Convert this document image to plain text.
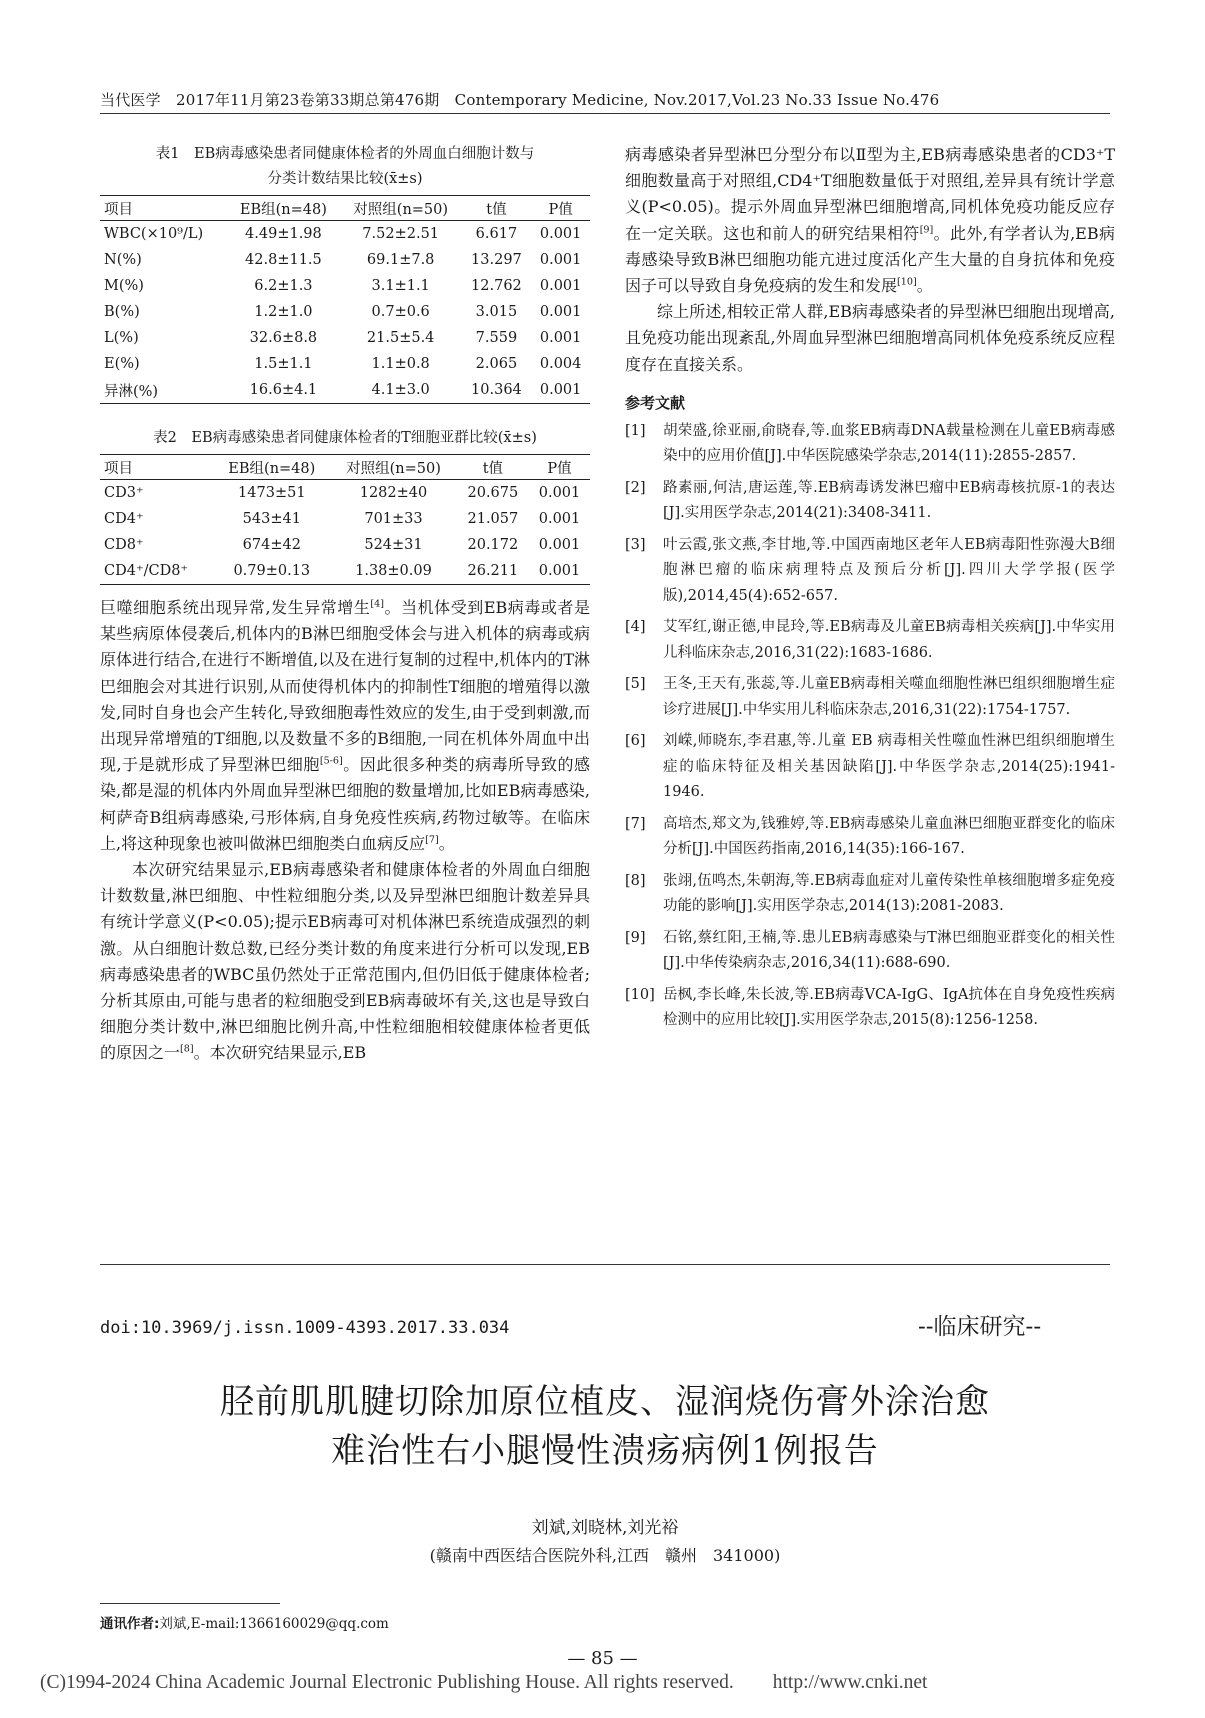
当代医学　2017年11月第23卷第33期总第476期　Contemporary Medicine, Nov.2017,Vol.23 No.33 Issue No.476
表1　EB病毒感染患者同健康体检者的外周血白细胞计数与
分类计数结果比较(x̄±s)
项目	EB组(n=48)	对照组(n=50)	t值	P值
WBC(×10⁹/L)	4.49±1.98	7.52±2.51	6.617	0.001
N(%)	42.8±11.5	69.1±7.8	13.297	0.001
M(%)	6.2±1.3	3.1±1.1	12.762	0.001
B(%)	1.2±1.0	0.7±0.6	3.015	0.001
L(%)	32.6±8.8	21.5±5.4	7.559	0.001
E(%)	1.5±1.1	1.1±0.8	2.065	0.004
异淋(%)	16.6±4.1	4.1±3.0	10.364	0.001
表2　EB病毒感染患者同健康体检者的T细胞亚群比较(x̄±s)
项目	EB组(n=48)	对照组(n=50)	t值	P值
CD3⁺	1473±51	1282±40	20.675	0.001
CD4⁺	543±41	701±33	21.057	0.001
CD8⁺	674±42	524±31	20.172	0.001
CD4⁺/CD8⁺	0.79±0.13	1.38±0.09	26.211	0.001

巨噬细胞系统出现异常,发生异常增生[4]。当机体受到EB病毒或者是某些病原体侵袭后,机体内的B淋巴细胞受体会与进入机体的病毒或病原体进行结合,在进行不断增值,以及在进行复制的过程中,机体内的T淋巴细胞会对其进行识别,从而使得机体内的抑制性T细胞的增殖得以激发,同时自身也会产生转化,导致细胞毒性效应的发生,由于受到刺激,而出现异常增殖的T细胞,以及数量不多的B细胞,一同在机体外周血中出现,于是就形成了异型淋巴细胞[5-6]。因此很多种类的病毒所导致的感染,都是湿的机体内外周血异型淋巴细胞的数量增加,比如EB病毒感染,柯萨奇B组病毒感染,弓形体病,自身免疫性疾病,药物过敏等。在临床上,将这种现象也被叫做淋巴细胞类白血病反应[7]。

本次研究结果显示,EB病毒感染者和健康体检者的外周血白细胞计数数量,淋巴细胞、中性粒细胞分类,以及异型淋巴细胞计数差异具有统计学意义(P<0.05);提示EB病毒可对机体淋巴系统造成强烈的刺激。从白细胞计数总数,已经分类计数的角度来进行分析可以发现,EB病毒感染患者的WBC虽仍然处于正常范围内,但仍旧低于健康体检者;分析其原由,可能与患者的粒细胞受到EB病毒破坏有关,这也是导致白细胞分类计数中,淋巴细胞比例升高,中性粒细胞相较健康体检者更低的原因之一[8]。本次研究结果显示,EB

病毒感染者异型淋巴分型分布以Ⅱ型为主,EB病毒感染患者的CD3⁺T细胞数量高于对照组,CD4⁺T细胞数量低于对照组,差异具有统计学意义(P<0.05)。提示外周血异型淋巴细胞增高,同机体免疫功能反应存在一定关联。这也和前人的研究结果相符[9]。此外,有学者认为,EB病毒感染导致B淋巴细胞功能亢进过度活化产生大量的自身抗体和免疫因子可以导致自身免疫病的发生和发展[10]。

综上所述,相较正常人群,EB病毒感染者的异型淋巴细胞出现增高,且免疫功能出现紊乱,外周血异型淋巴细胞增高同机体免疫系统反应程度存在直接关系。

参考文献
[1]	胡荣盛,徐亚丽,俞晓春,等.血浆EB病毒DNA载量检测在儿童EB病毒感染中的应用价值[J].中华医院感染学杂志,2014(11):2855-2857.
[2]	路素丽,何洁,唐运莲,等.EB病毒诱发淋巴瘤中EB病毒核抗原-1的表达[J].实用医学杂志,2014(21):3408-3411.
[3]	叶云霞,张文燕,李甘地,等.中国西南地区老年人EB病毒阳性弥漫大B细胞淋巴瘤的临床病理特点及预后分析[J].四川大学学报(医学版),2014,45(4):652-657.
[4]	艾军红,谢正德,申昆玲,等.EB病毒及儿童EB病毒相关疾病[J].中华实用儿科临床杂志,2016,31(22):1683-1686.
[5]	王冬,王天有,张蕊,等.儿童EB病毒相关噬血细胞性淋巴组织细胞增生症诊疗进展[J].中华实用儿科临床杂志,2016,31(22):1754-1757.
[6]	刘嵘,师晓东,李君惠,等.儿童 EB 病毒相关性噬血性淋巴组织细胞增生症的临床特征及相关基因缺陷[J].中华医学杂志,2014(25):1941-1946.
[7]	高培杰,郑文为,钱雅婷,等.EB病毒感染儿童血淋巴细胞亚群变化的临床分析[J].中国医药指南,2016,14(35):166-167.
[8]	张翊,伍鸣杰,朱朝海,等.EB病毒血症对儿童传染性单核细胞增多症免疫功能的影响[J].实用医学杂志,2014(13):2081-2083.
[9]	石铭,蔡红阳,王楠,等.患儿EB病毒感染与T淋巴细胞亚群变化的相关性[J].中华传染病杂志,2016,34(11):688-690.
[10] 岳枫,李长峰,朱长波,等.EB病毒VCA-IgG、IgA抗体在自身免疫性疾病检测中的应用比较[J].实用医学杂志,2015(8):1256-1258.
doi:10.3969/j.issn.1009-4393.2017.33.034	--临床研究--
胫前肌肌腱切除加原位植皮、湿润烧伤膏外涂治愈
难治性右小腿慢性溃疡病例1例报告
刘斌,刘晓林,刘光裕
(赣南中西医结合医院外科,江西　赣州　341000)
通讯作者:刘斌,E-mail:1366160029@qq.com
— 85 —
(C)1994-2024 China Academic Journal Electronic Publishing House. All rights reserved.　　http://www.cnki.net
